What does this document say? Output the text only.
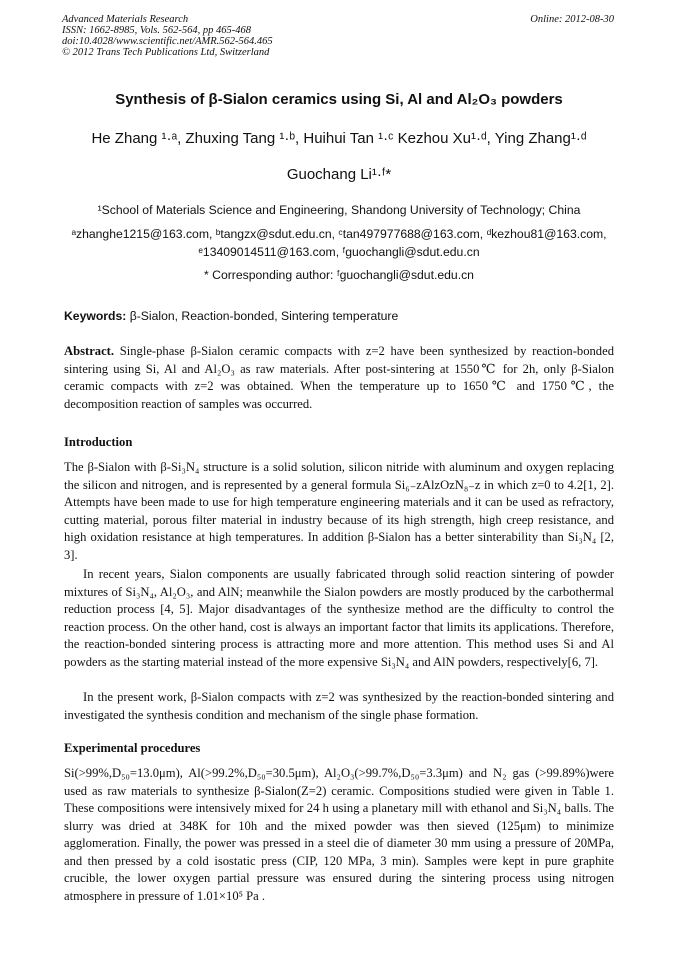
Advanced Materials Research
ISSN: 1662-8985, Vols. 562-564, pp 465-468
doi:10.4028/www.scientific.net/AMR.562-564.465
© 2012 Trans Tech Publications Ltd, Switzerland
Online: 2012-08-30
Synthesis of β-Sialon ceramics using Si, Al and Al₂O₃ powders
He Zhang ¹·ᵃ, Zhuxing Tang ¹·ᵇ, Huihui Tan ¹·ᶜ Kezhou Xu¹·ᵈ, Ying Zhang¹·ᵈ
Guochang Li¹·ᶠ*
¹School of Materials Science and Engineering, Shandong University of Technology; China
ᵃzhanghe1215@163.com, ᵇtangzx@sdut.edu.cn, ᶜtan497977688@163.com, ᵈkezhou81@163.com,
ᵉ13409014511@163.com, ᶠguochangli@sdut.edu.cn
* Corresponding author: ᶠguochangli@sdut.edu.cn
Keywords: β-Sialon, Reaction-bonded, Sintering temperature
Abstract. Single-phase β-Sialon ceramic compacts with z=2 have been synthesized by reaction-bonded sintering using Si, Al and Al₂O₃ as raw materials. After post-sintering at 1550℃ for 2h, only β-Sialon ceramic compacts with z=2 was obtained. When the temperature up to 1650℃ and 1750℃, the decomposition reaction of samples was occurred.
Introduction
The β-Sialon with β-Si₃N₄ structure is a solid solution, silicon nitride with aluminum and oxygen replacing the silicon and nitrogen, and is represented by a general formula Si₆₋zAlzOzN₈₋z in which z=0 to 4.2[1, 2]. Attempts have been made to use for high temperature engineering materials and it can be used as refractory, cutting material, porous filter material in industry because of its high strength, high creep resistance, and high oxidation resistance at high temperatures. In addition β-Sialon has a better sinterability than Si₃N₄ [2, 3].
In recent years, Sialon components are usually fabricated through solid reaction sintering of powder mixtures of Si₃N₄, Al₂O₃, and AlN; meanwhile the Sialon powders are mostly produced by the carbothermal reduction process [4, 5]. Major disadvantages of the synthesize method are the difficulty to control the reaction process. On the other hand, cost is always an important factor that limits its applications. Therefore, the reaction-bonded sintering process is attracting more and more attention. This method uses Si and Al powders as the starting material instead of the more expensive Si₃N₄ and AlN powders, respectively[6, 7].
In the present work, β-Sialon compacts with z=2 was synthesized by the reaction-bonded sintering and investigated the synthesis condition and mechanism of the single phase formation.
Experimental procedures
Si(>99%,D₅₀=13.0μm), Al(>99.2%,D₅₀=30.5μm), Al₂O₃(>99.7%,D₅₀=3.3μm) and N₂ gas (>99.89%)were used as raw materials to synthesize β-Sialon(Z=2) ceramic. Compositions studied were given in Table 1. These compositions were intensively mixed for 24 h using a planetary mill with ethanol and Si₃N₄ balls. The slurry was dried at 348K for 10h and the mixed powder was then sieved (125μm) to minimize agglomeration. Finally, the power was pressed in a steel die of diameter 30 mm using a pressure of 20MPa, and then pressed by a cold isostatic press (CIP, 120 MPa, 3 min). Samples were kept in pure graphite crucible, the lower oxygen partial pressure was ensured during the sintering process using nitrogen atmosphere in pressure of 1.01×10⁵ Pa .
